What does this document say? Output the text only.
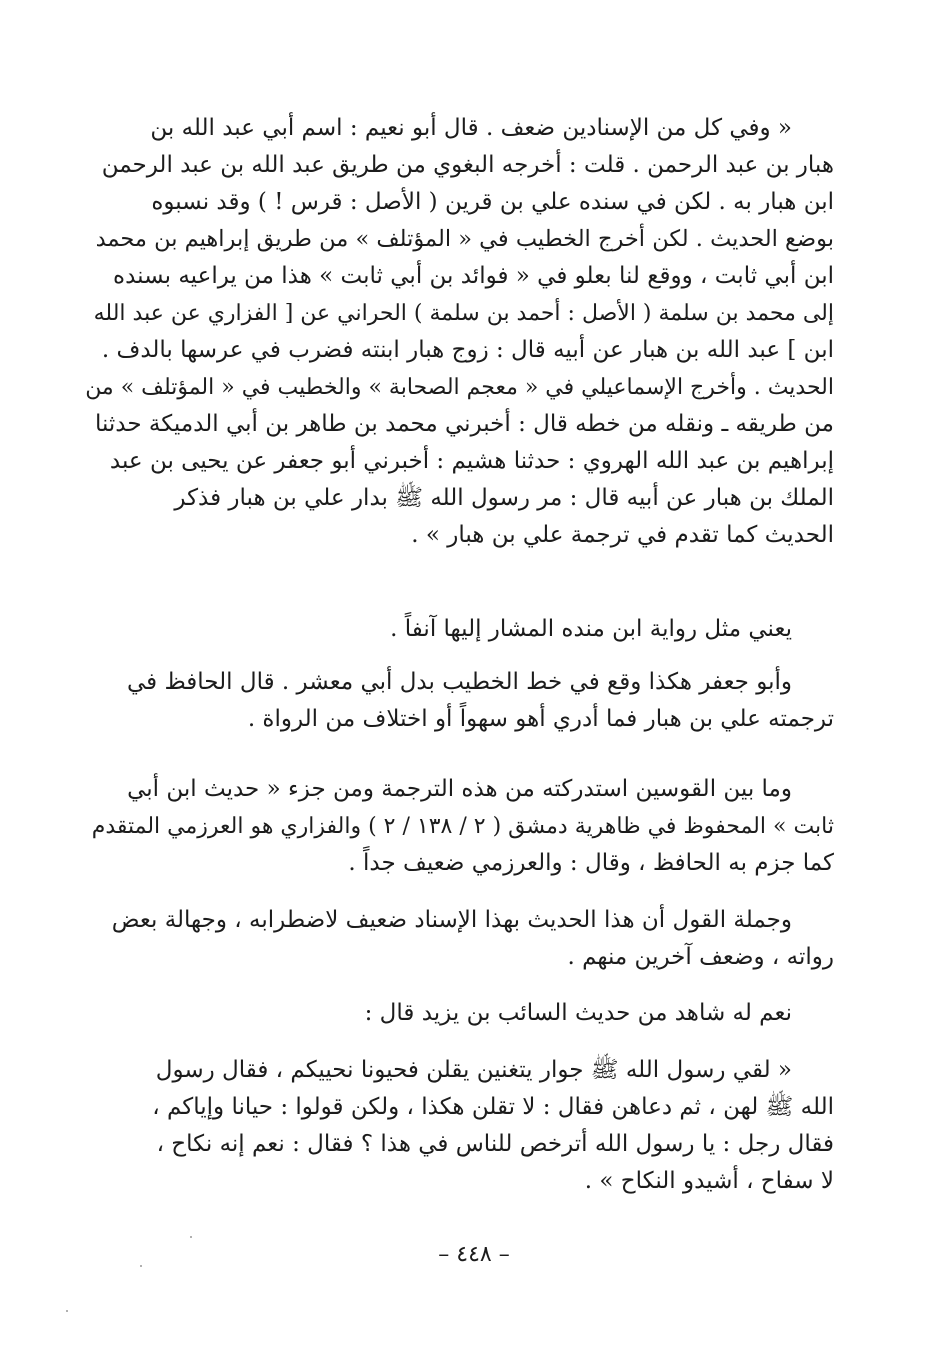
« وفي كل من الإسنادين ضعف . قال أبو نعيم : اسم أبي عبد الله بن
هبار بن عبد الرحمن . قلت : أخرجه البغوي من طريق عبد الله بن عبد الرحمن
ابن هبار به . لكن في سنده علي بن قرين ( الأصل : قرس ! ) وقد نسبوه
بوضع الحديث . لكن أخرج الخطيب في « المؤتلف » من طريق إبراهيم بن محمد
ابن أبي ثابت ، ووقع لنا بعلو في « فوائد بن أبي ثابت » هذا من يراعيه بسنده
إلى محمد بن سلمة ( الأصل : أحمد بن سلمة ) الحراني عن [ الفزاري عن عبد الله
ابن ] عبد الله بن هبار عن أبيه قال : زوج هبار ابنته فضرب في عرسها بالدف .
الحديث . وأخرج الإسماعيلي في « معجم الصحابة » والخطيب في « المؤتلف » من
من طريقه ـ ونقله من خطه قال : أخبرني محمد بن طاهر بن أبي الدميكة حدثنا
إبراهيم بن عبد الله الهروي : حدثنا هشيم : أخبرني أبو جعفر عن يحيى بن عبد
الملك بن هبار عن أبيه قال : مر رسول الله ﷺ بدار علي بن هبار فذكر
الحديث كما تقدم في ترجمة علي بن هبار » .
يعني مثل رواية ابن منده المشار إليها آنفاً .
وأبو جعفر هكذا وقع في خط الخطيب بدل أبي معشر . قال الحافظ في
ترجمته علي بن هبار فما أدري أهو سهواً أو اختلاف من الرواة .
وما بين القوسين استدركته من هذه الترجمة ومن جزء « حديث ابن أبي
ثابت » المحفوظ في ظاهرية دمشق ( ٢ / ١٣٨ / ٢ ) والفزاري هو العرزمي المتقدم
كما جزم به الحافظ ، وقال : والعرزمي ضعيف جداً .
وجملة القول أن هذا الحديث بهذا الإسناد ضعيف لاضطرابه ، وجهالة بعض
رواته ، وضعف آخرين منهم .
نعم له شاهد من حديث السائب بن يزيد قال :
« لقي رسول الله ﷺ جوار يتغنين يقلن فحيونا نحييكم ، فقال رسول
الله ﷺ لهن ، ثم دعاهن فقال : لا تقلن هكذا ، ولكن قولوا : حيانا وإياكم ،
فقال رجل : يا رسول الله أترخص للناس في هذا ؟ فقال : نعم إنه نكاح ،
لا سفاح ، أشيدو النكاح » .
– ٤٤٨ –
